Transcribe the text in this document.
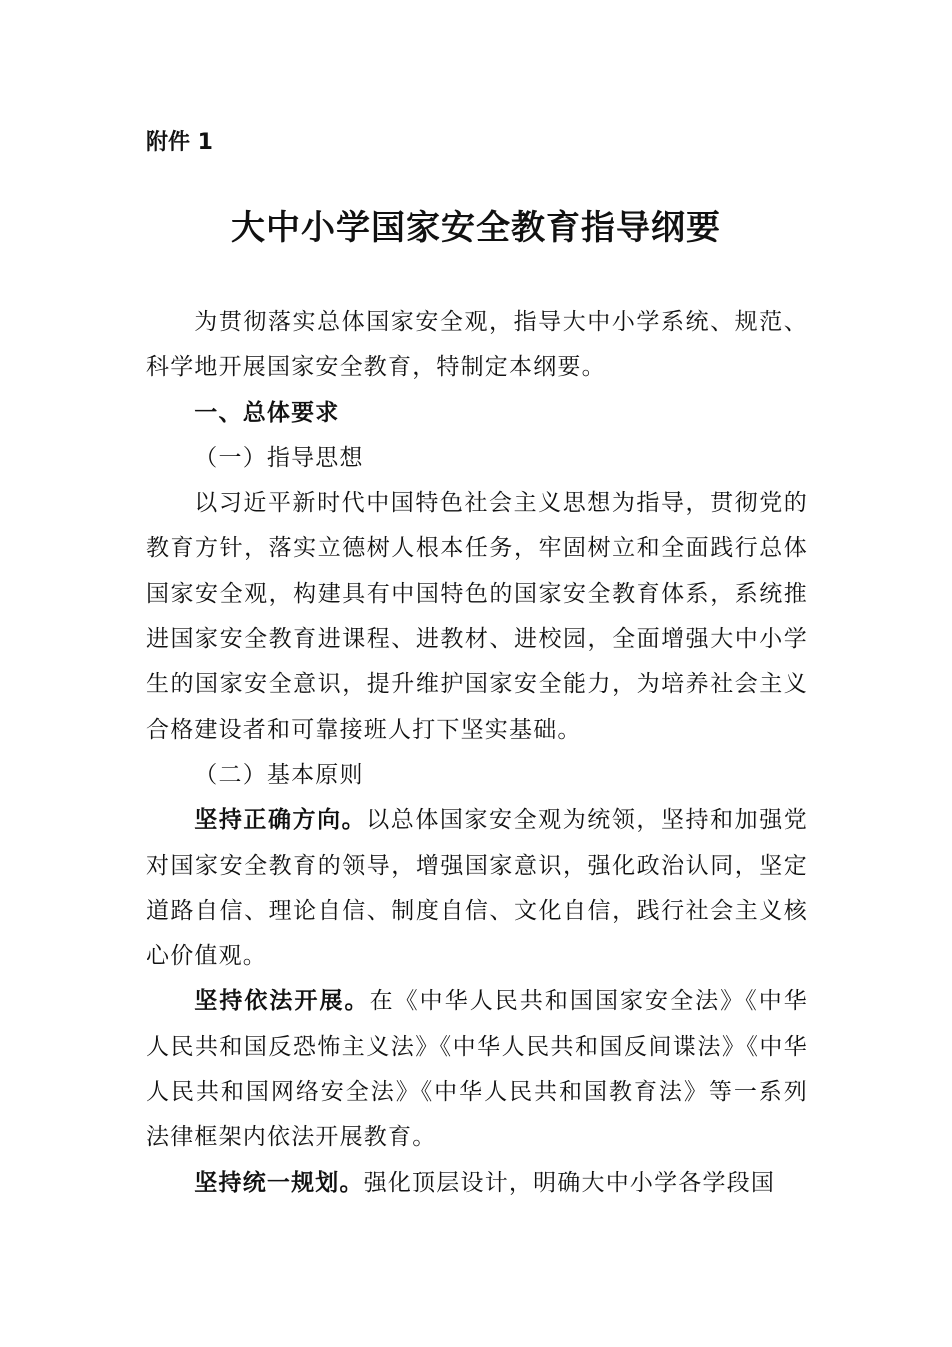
附件 1

大中小学国家安全教育指导纲要

为贯彻落实总体国家安全观，指导大中小学系统、规范、科学地开展国家安全教育，特制定本纲要。

一、总体要求

（一）指导思想

以习近平新时代中国特色社会主义思想为指导，贯彻党的教育方针，落实立德树人根本任务，牢固树立和全面践行总体国家安全观，构建具有中国特色的国家安全教育体系，系统推进国家安全教育进课程、进教材、进校园，全面增强大中小学生的国家安全意识，提升维护国家安全能力，为培养社会主义合格建设者和可靠接班人打下坚实基础。

（二）基本原则

坚持正确方向。以总体国家安全观为统领，坚持和加强党对国家安全教育的领导，增强国家意识，强化政治认同，坚定道路自信、理论自信、制度自信、文化自信，践行社会主义核心价值观。

坚持依法开展。在《中华人民共和国国家安全法》《中华人民共和国反恐怖主义法》《中华人民共和国反间谍法》《中华人民共和国网络安全法》《中华人民共和国教育法》等一系列法律框架内依法开展教育。

坚持统一规划。强化顶层设计，明确大中小学各学段国
